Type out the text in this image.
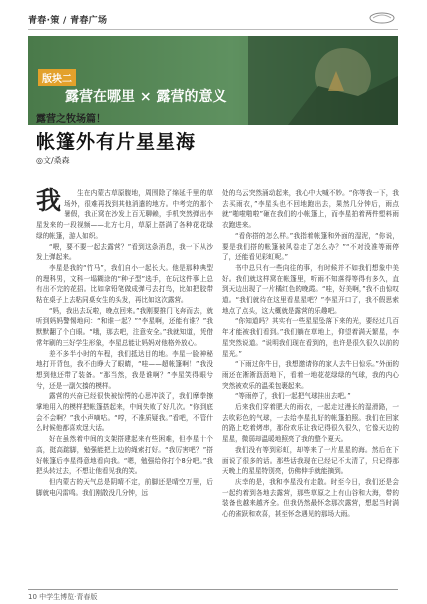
青春·策 / 青春广场
版块二
露营在哪里 × 露营的意义
露营之牧场篇！
帐篷外有片星星海
◎文/桑森

我 生在内蒙古草原腹地，周围除了绵延千里的草场外，很难再找到其他消遣的地方。中考完的那个暑假，我正窝在沙发上百无聊赖，手机突然弹出李星发来的一段视频——北方七月，草原上搭满了各种花花绿绿的帐篷，游人如织。

“喂，要不要一起去露营？”看到这条消息，我一下从沙发上弹起来。

李星是我的“竹马”，我们自小一起长大。他是那种典型的理科男，文科一塌糊涂的“种子型”选手，在玩这件事上总有出不完的花招。比如拿铅笔做成弹弓去打鸟，比如把胶带粘在桌子上去粘同桌女生的头发，再比如这次露营。

“妈，我出去玩啦，晚点回来。”我刚要推门飞奔而去，就听到妈妈警惕地问：“和谁一起？”“李星啊，还能有谁？”我默默翻了个白眼。“哦，那去吧，注意安全。”我就知道，凭借常年刷的三好学生形象，李星总能让妈妈对他格外放心。

差不多半小时的车程，我们抵达目的地。李星一脸神秘地打开背包，我不由睁大了眼睛，“哇——超帐篷啊！”我没想到他还带了装备。“那当然，我是谁啊？”李星笑得眼兮兮，还是一副欠揍的模样。

露营的兴奋已经很快被惊愕的心思冲淡了，我们摩拳擦掌地用入的模样把帐篷搭起来，中间失败了好几次。“你到底会不会啊？”我小声嘀咕。“哼，不准质疑我。”看吧，不管什么时候他都喜欢逞大话。

好在虽然着中间的支架搭建起来有些困难，但李星十个高，挺高踮脚，勉强能把上边的绳索打好。“我厉害吧？”搭好帐篷后李星得意地看向我。“嗯，勉强给你打个8分吧。”我把头转过去，不想让他看见我的笑。

但内蒙古的天气总是阴晴不定，前脚还是晴空万里，后脚就电闪雷鸣。我们刚散没几分钟，远

处的乌云突然涌动起来，我心中大喊不妙。“你等我一下，我去买雨衣，”李星头也不回地跑出去，果然几分钟后，雨点就“啪啦啪啦”砸在我们的小帐篷上，而李星拍着两件塑料雨衣跑进来。

“看你搭的怎么样。”我指着帐篷和外面的湿泥，“你说，要是我们搭的帐篷被风卷走了怎么办？”“不对没准等雨停了，还能看见彩虹呢。”

书中总只有一些向往的事，有时候并不如我们想象中美好。我们就这样窝在帐篷里，听雨不知落得等得有多久，直到天边出现了一片橘红色的晚霞。“哇，好美啊，”我不由惊叹道。“我们就待在这里看星星吧？”李星开口了，我不假思索地点了点头，这大概就是露营的乐趣吧。

“你知道吗？其实有一些星星坠落下来的光，要经过几百年才能被我们看到。”我们躺在草地上，仰望着满天繁星，李星突然说道。“说明我们现在看到的，也许是很久很久以前的星光。”

“下雨过你牛日，我想邀请你的家人去牛日惊乐。”外面的雨还在淅淅沥沥地下，看着一地花花绿绿的气球，我的内心突然被欢乐的温柔包裹起来。

“等雨停了，我们一起把气球挂出去吧。”

后来我们穿着肥大的雨衣，一起走过漫长的湿滑路，一去吹彩色的气球，一去给李星扎好的帐篷拍照。我们在回家的路上吃着烤串，那份欢乐让我记得很久很久，它像天边的星星，微弱却温暖地照亮了我的整个夏天。

我们没有等到彩虹，却等来了一片星星的海。然后在下面说了很多的话。那些话我现在已经记不太清了，只记得那天晚上的星星特别亮，仿佛伸手就能摘到。

庆幸的是，我和李星没有走散。时至今日，我们还是会一起约着到各地去露营，那些草原之上有山谷和大海，带的装备也越来越齐全。但我仍然最怀念那次露营，想起当时满心的雀跃和欢喜，甚至怀念遇见的那场大雨。

10 中学生博览·青春版
